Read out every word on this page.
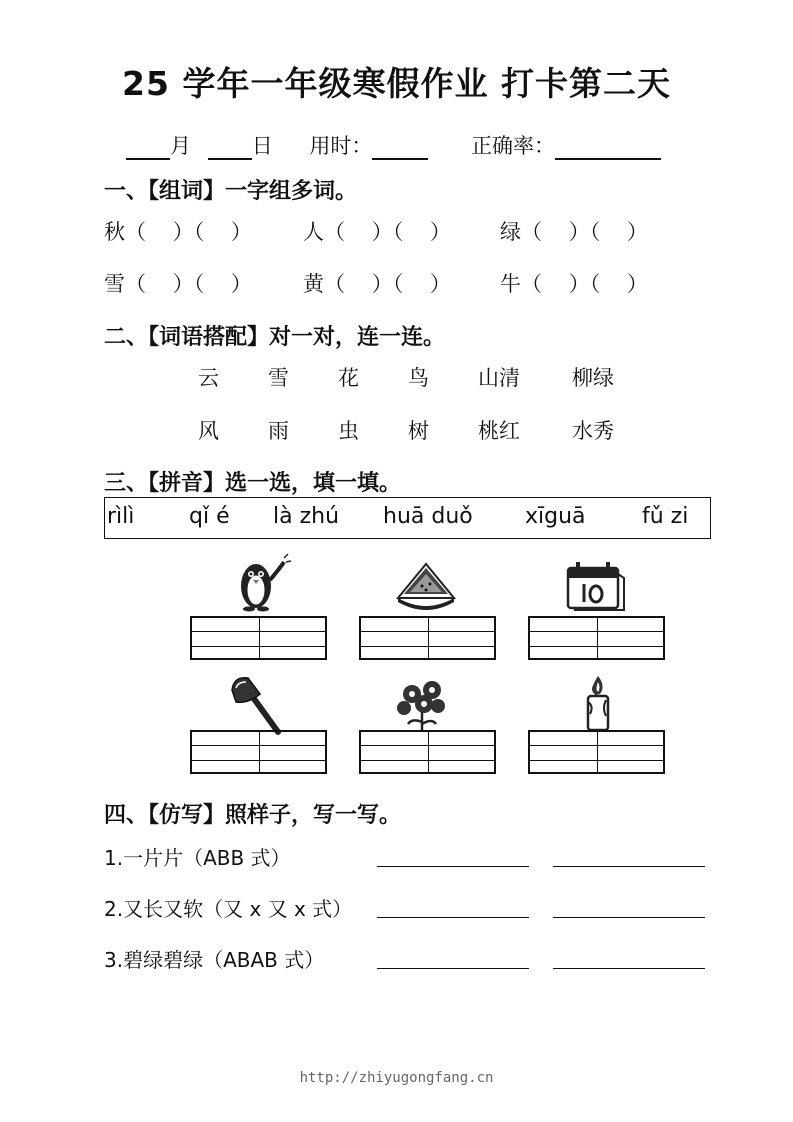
25 学年一年级寒假作业 打卡第二天
月	日 用时：	正确率：
一、【组词】一字组多词。
秋（    ）（    ） 人（    ）（    ） 绿（    ）（    ）
雪（    ）（    ） 黄（    ）（    ） 牛（    ）（    ）
二、【词语搭配】对一对，连一连。
云 雪 花 鸟 山清 柳绿
风 雨 虫 树 桃红 水秀
三、【拼音】选一选，填一填。
rìlì qǐ é là zhú huā duǒ xīguā	fǔ zi
四、【仿写】照样子，写一写。
1.一片片（ABB 式）
2.又长又软（又 x 又 x 式）
3.碧绿碧绿（ABAB 式）
http://zhiyugongfang.cn
